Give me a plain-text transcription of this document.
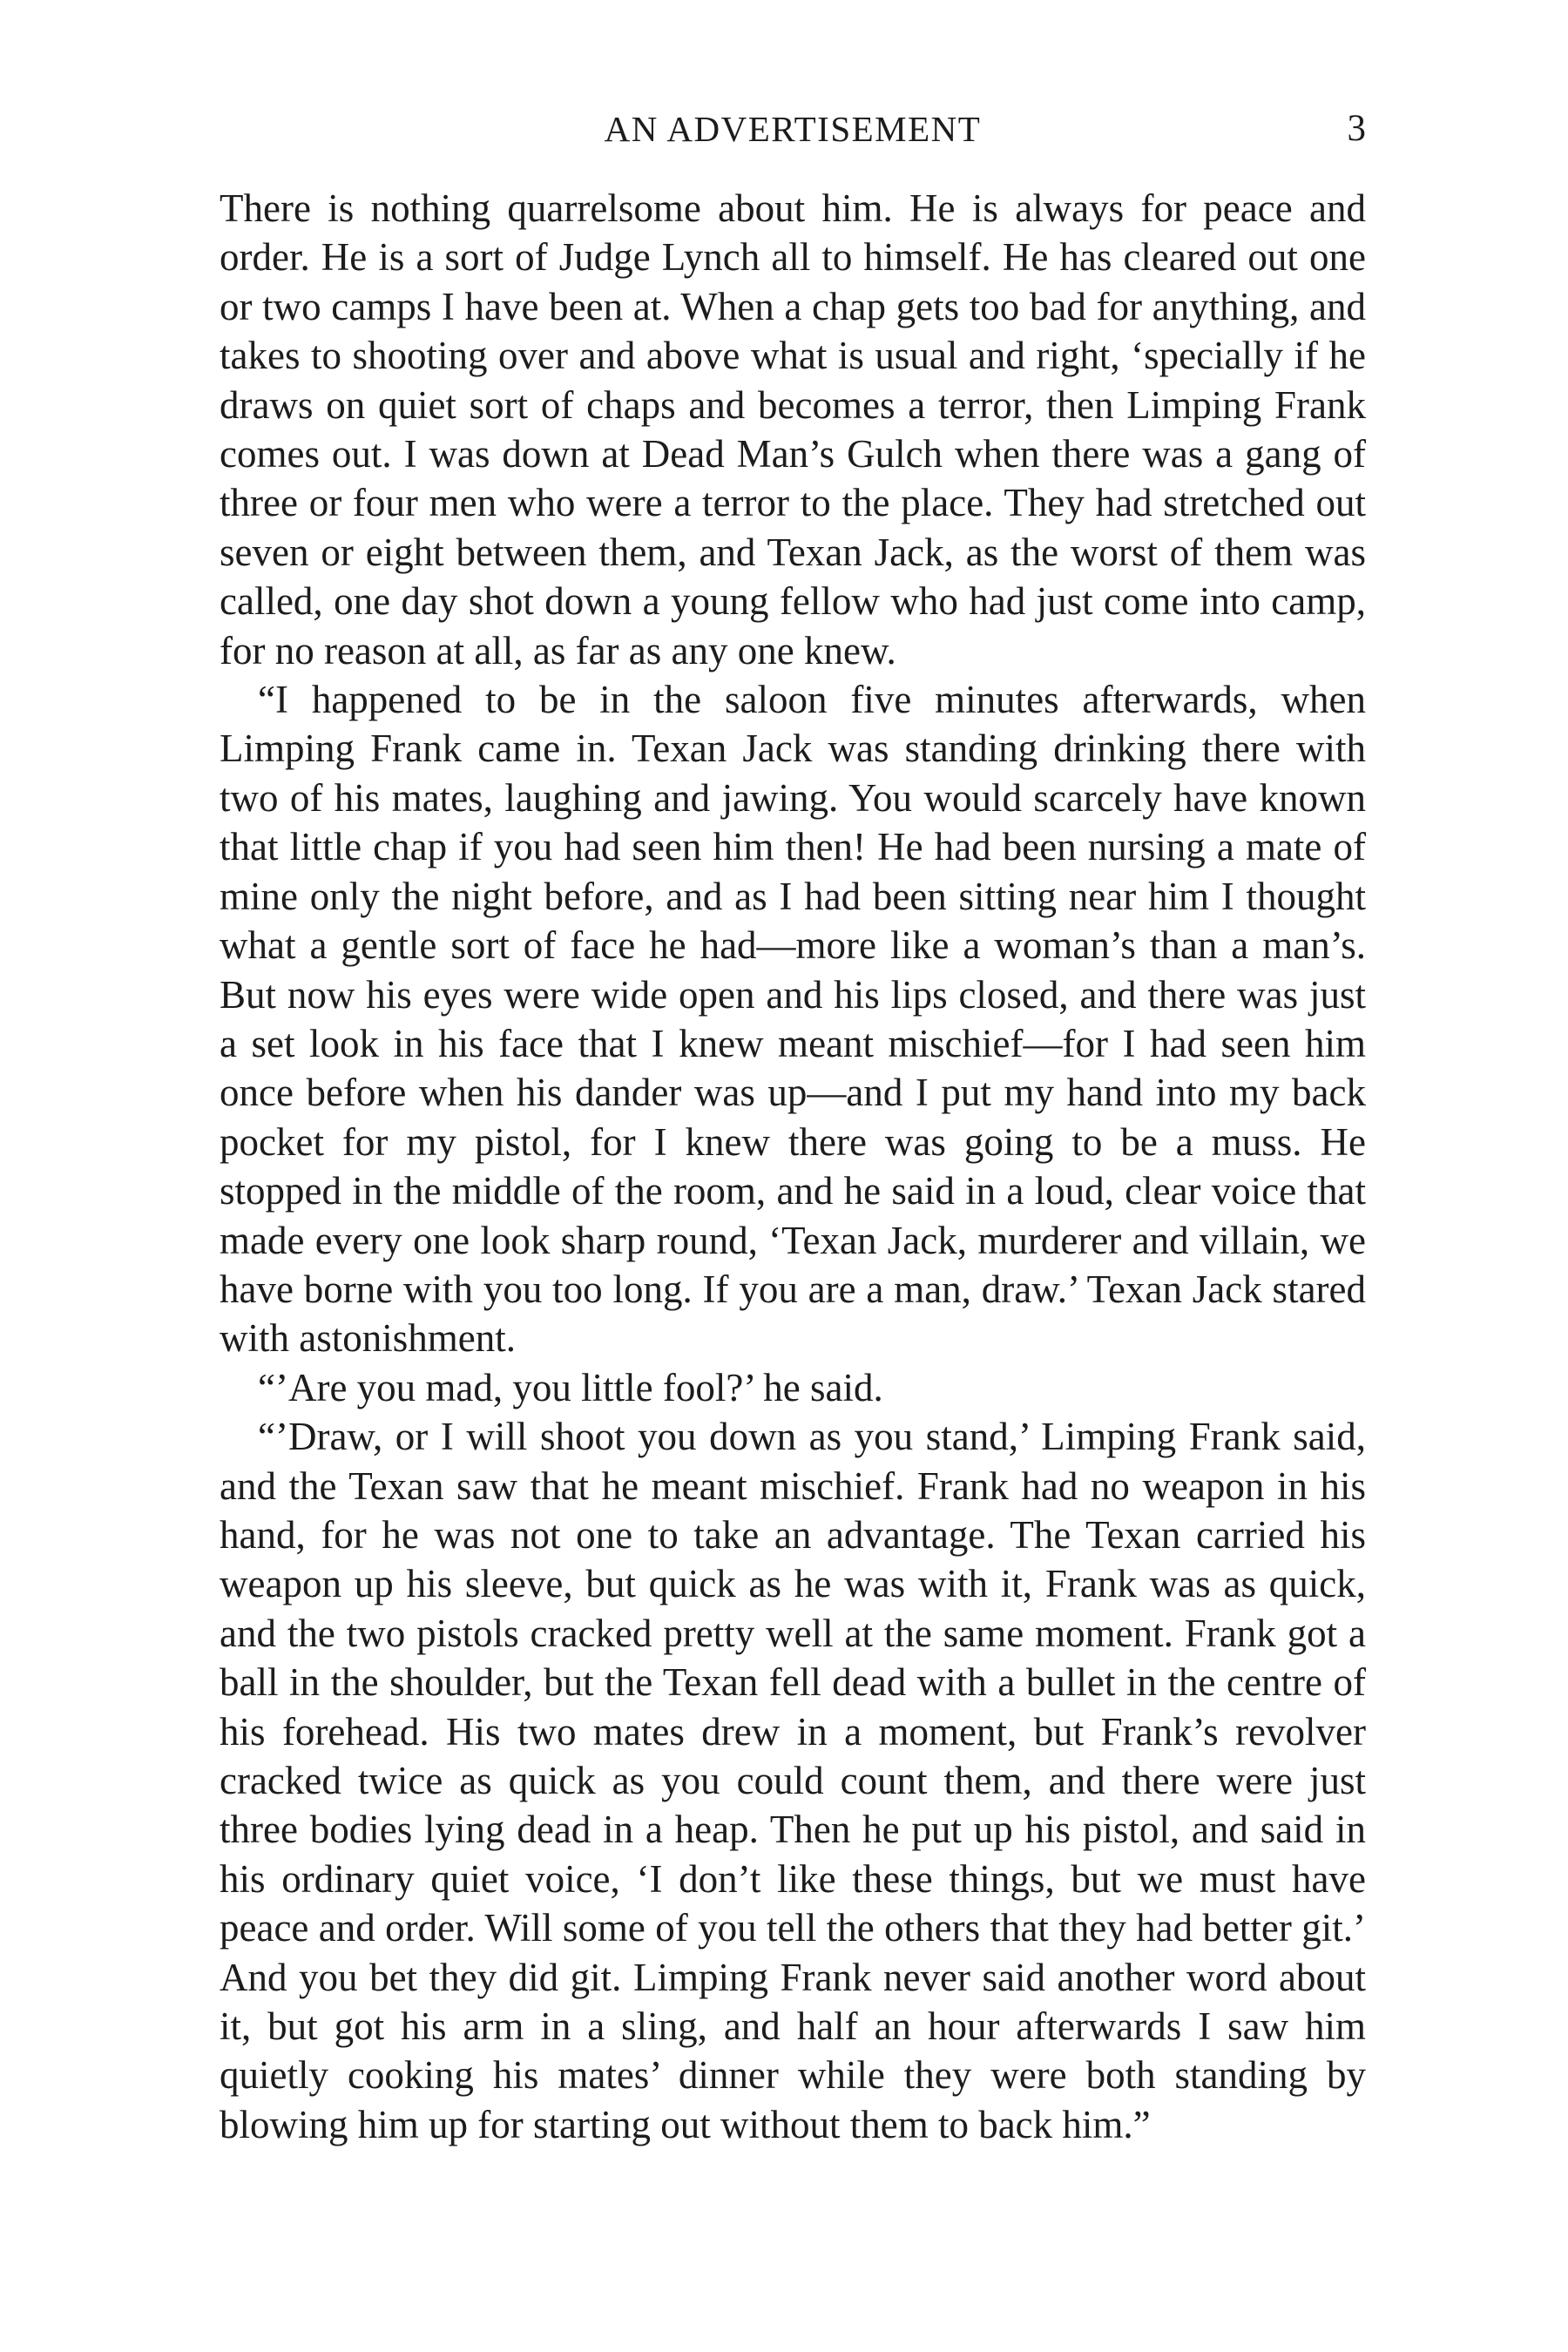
AN ADVERTISEMENT	3

There is nothing quarrelsome about him. He is always for peace and order. He is a sort of Judge Lynch all to himself. He has cleared out one or two camps I have been at. When a chap gets too bad for anything, and takes to shooting over and above what is usual and right, ‘specially if he draws on quiet sort of chaps and becomes a terror, then Limping Frank comes out. I was down at Dead Man’s Gulch when there was a gang of three or four men who were a terror to the place. They had stretched out seven or eight between them, and Texan Jack, as the worst of them was called, one day shot down a young fellow who had just come into camp, for no reason at all, as far as any one knew.

“I happened to be in the saloon five minutes afterwards, when Limping Frank came in. Texan Jack was standing drinking there with two of his mates, laughing and jawing. You would scarcely have known that little chap if you had seen him then! He had been nursing a mate of mine only the night before, and as I had been sitting near him I thought what a gentle sort of face he had—more like a woman’s than a man’s. But now his eyes were wide open and his lips closed, and there was just a set look in his face that I knew meant mischief—for I had seen him once before when his dander was up—and I put my hand into my back pocket for my pistol, for I knew there was going to be a muss. He stopped in the middle of the room, and he said in a loud, clear voice that made every one look sharp round, ‘Texan Jack, murderer and villain, we have borne with you too long. If you are a man, draw.’ Texan Jack stared with astonishment.

“’Are you mad, you little fool?’ he said.

“’Draw, or I will shoot you down as you stand,’ Limping Frank said, and the Texan saw that he meant mischief. Frank had no weapon in his hand, for he was not one to take an advantage. The Texan carried his weapon up his sleeve, but quick as he was with it, Frank was as quick, and the two pistols cracked pretty well at the same moment. Frank got a ball in the shoulder, but the Texan fell dead with a bullet in the centre of his forehead. His two mates drew in a moment, but Frank’s revolver cracked twice as quick as you could count them, and there were just three bodies lying dead in a heap. Then he put up his pistol, and said in his ordinary quiet voice, ‘I don’t like these things, but we must have peace and order. Will some of you tell the others that they had better git.’ And you bet they did git. Limping Frank never said another word about it, but got his arm in a sling, and half an hour afterwards I saw him quietly cooking his mates’ dinner while they were both standing by blowing him up for starting out without them to back him.”
